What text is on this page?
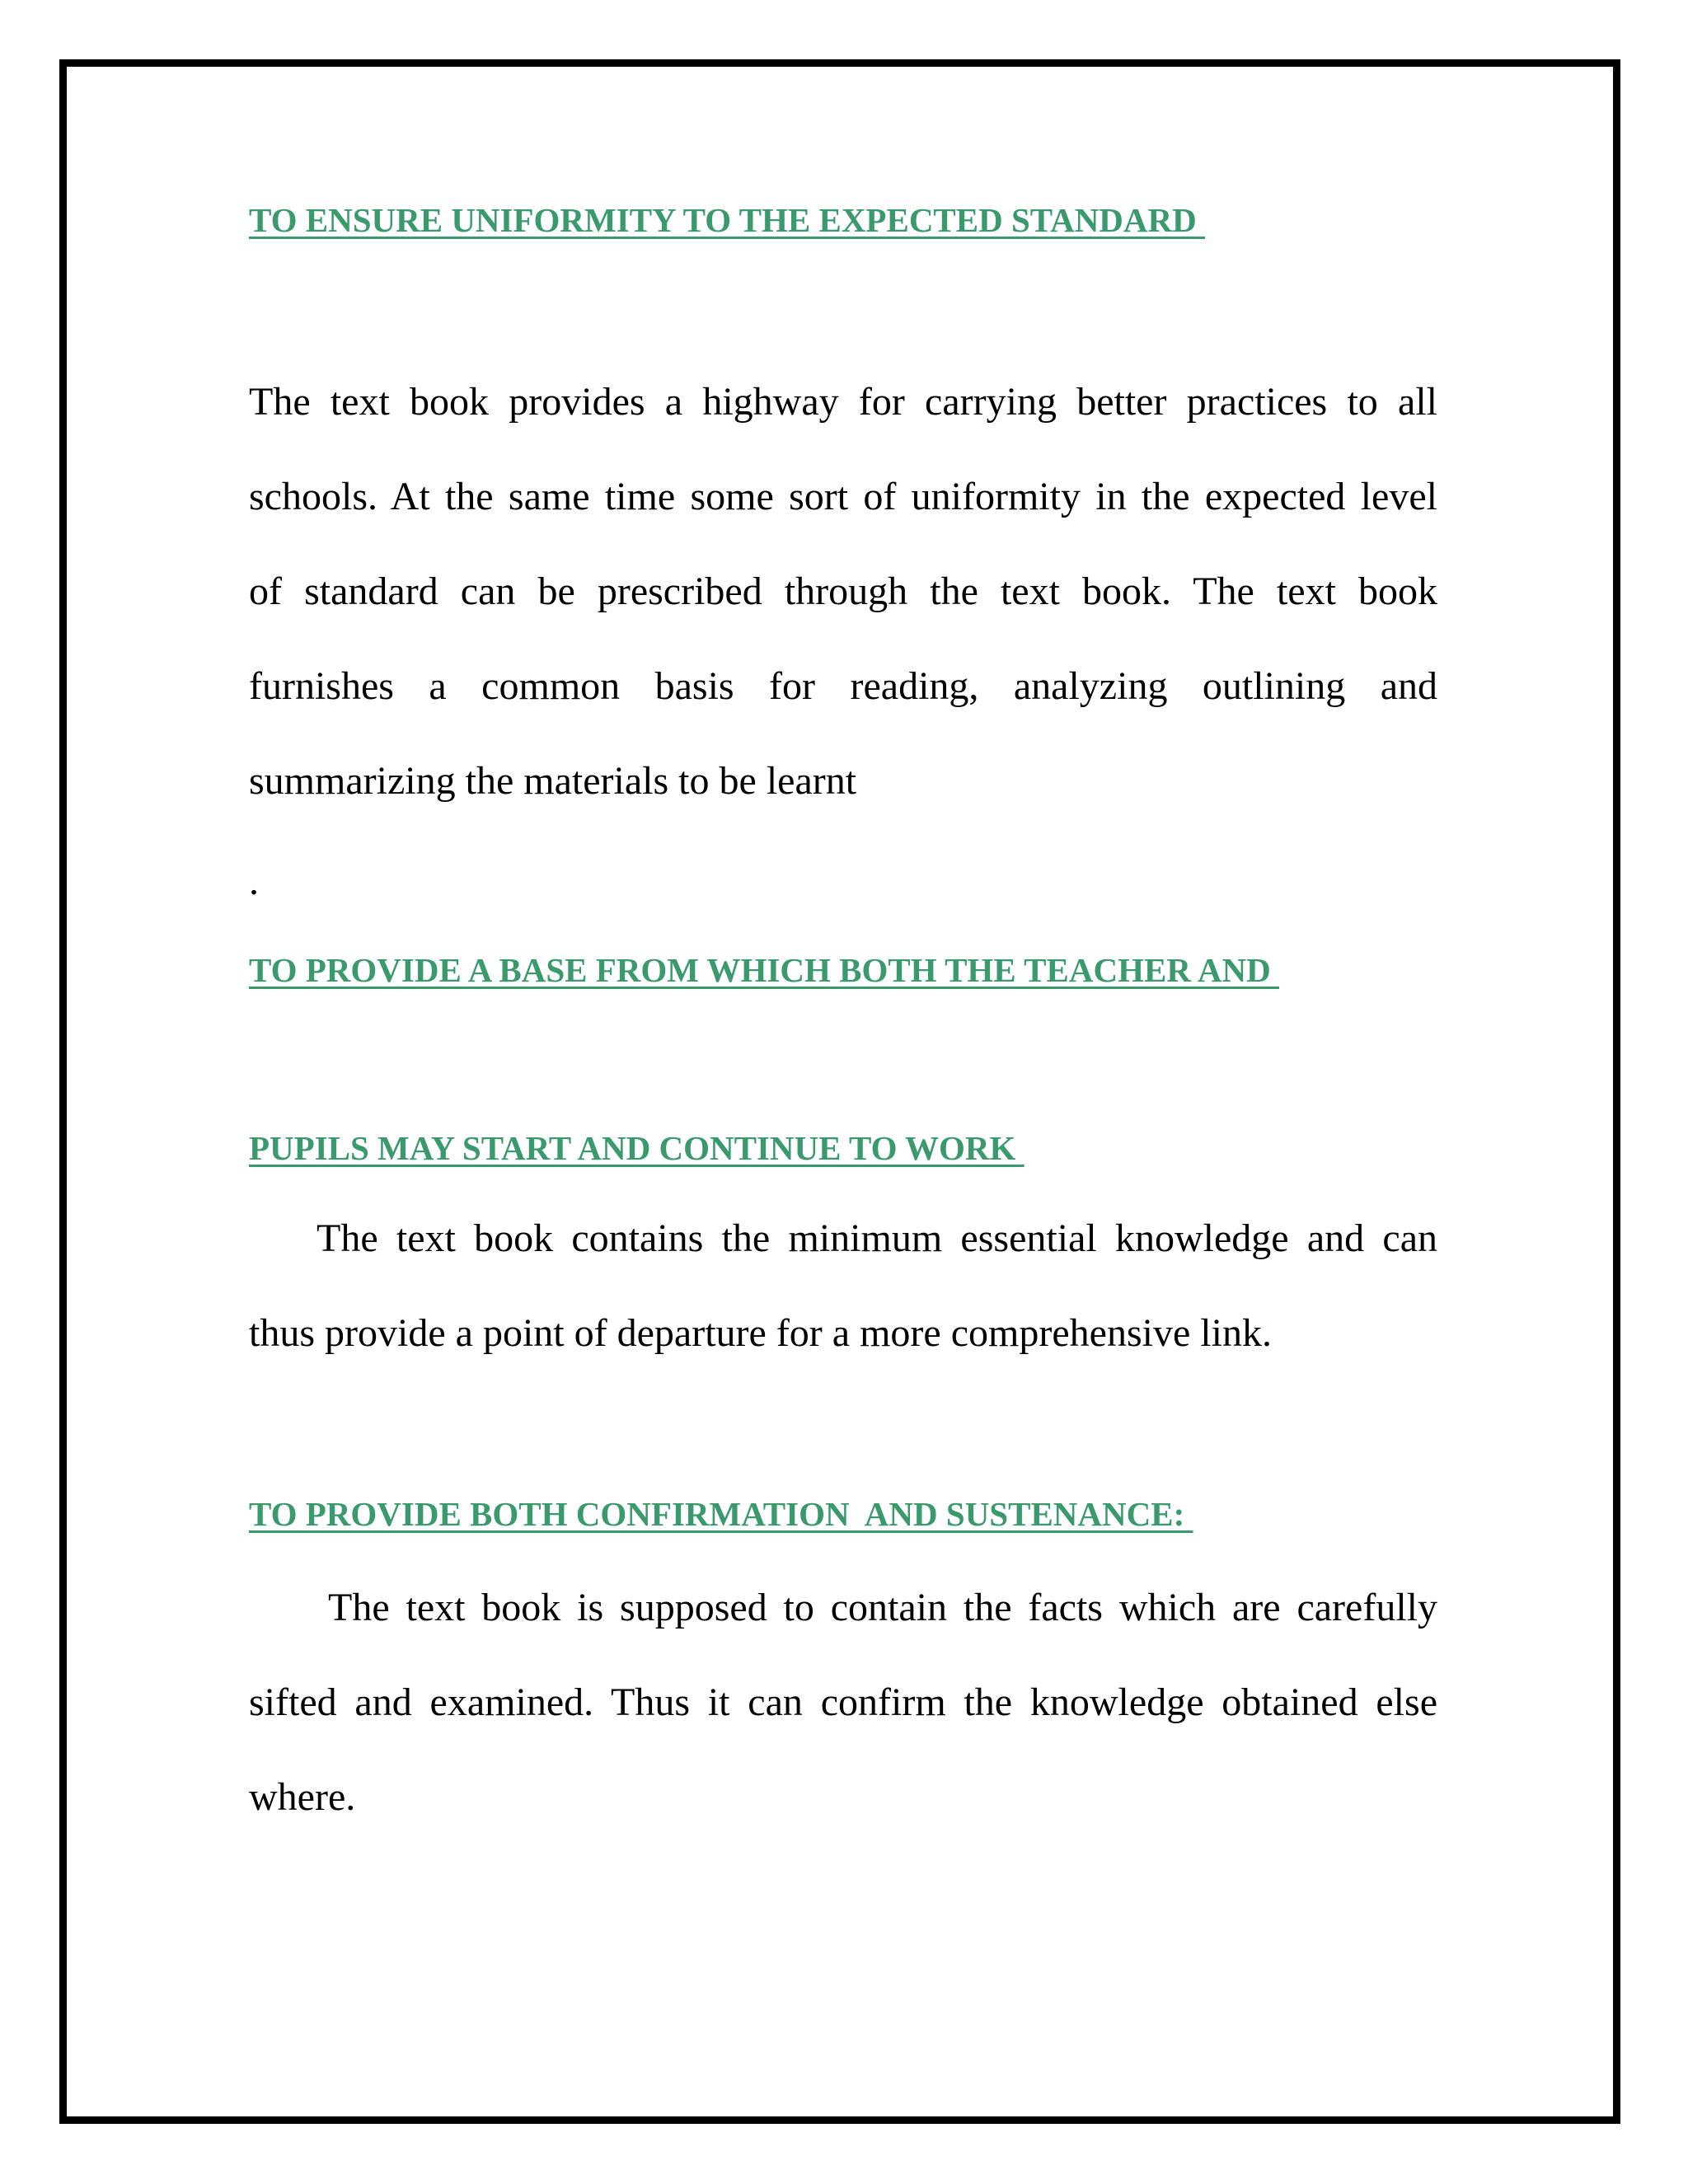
TO ENSURE UNIFORMITY TO THE EXPECTED STANDARD
The text book provides a highway for carrying better practices to all
schools. At the same time some sort of uniformity in the expected level
of standard can be prescribed through the text book. The text book
furnishes a common basis for reading, analyzing outlining and
summarizing the materials to be learnt

.

TO PROVIDE A BASE FROM WHICH BOTH THE TEACHER AND
PUPILS MAY START AND CONTINUE TO WORK
The text book contains the minimum essential knowledge and can
thus provide a point of departure for a more comprehensive link.
TO PROVIDE BOTH CONFIRMATION  AND SUSTENANCE:
The text book is supposed to contain the facts which are carefully
sifted and examined. Thus it can confirm the knowledge obtained else
where.
